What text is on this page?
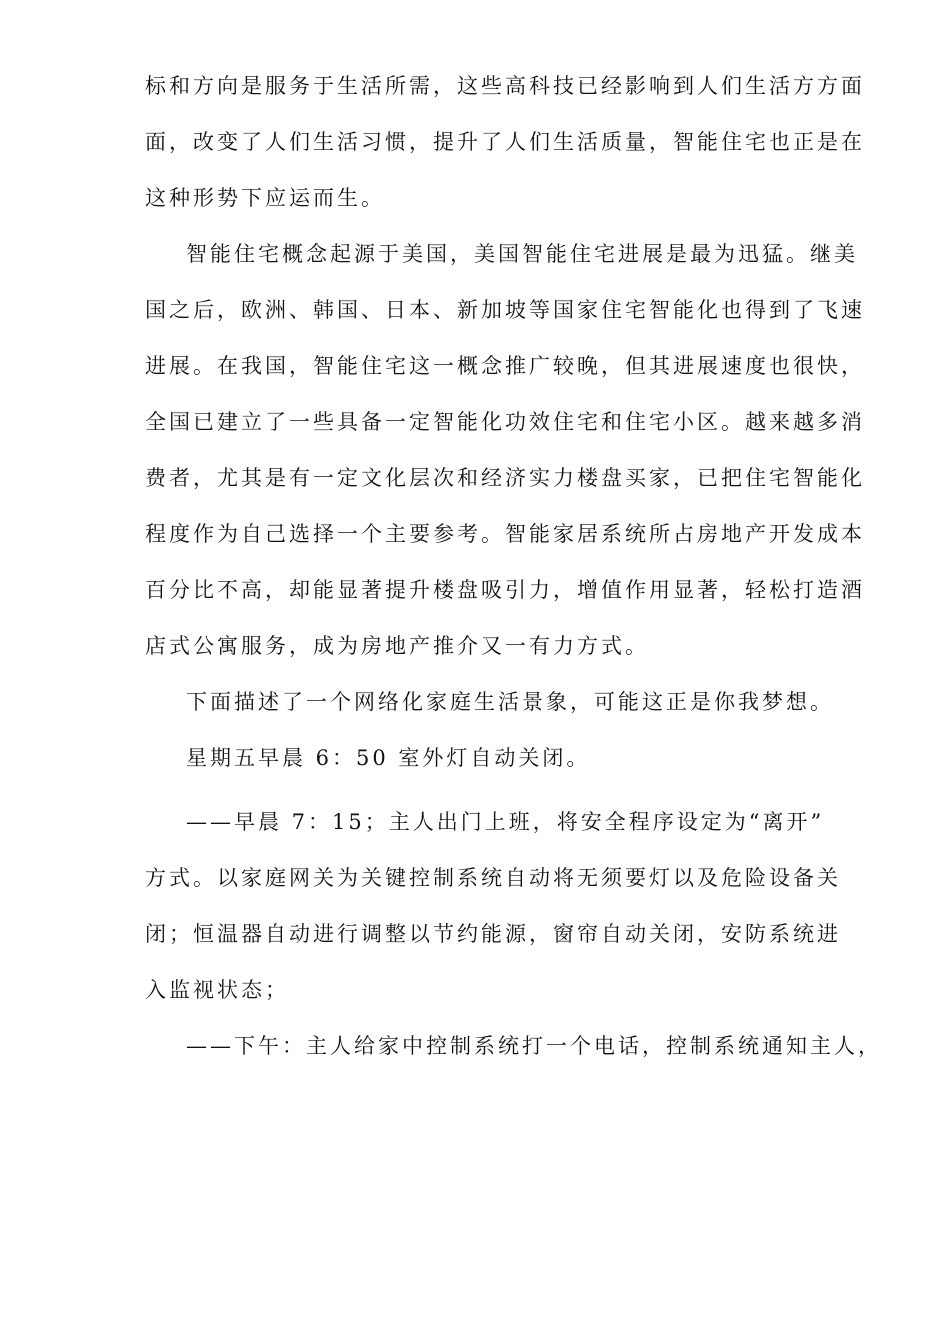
标和方向是服务于生活所需，这些高科技已经影响到人们生活方方面
面，改变了人们生活习惯，提升了人们生活质量，智能住宅也正是在
这种形势下应运而生。
智能住宅概念起源于美国，美国智能住宅进展是最为迅猛。继美
国之后，欧洲、韩国、日本、新加坡等国家住宅智能化也得到了飞速
进展。在我国，智能住宅这一概念推广较晚，但其进展速度也很快，
全国已建立了一些具备一定智能化功效住宅和住宅小区。越来越多消
费者，尤其是有一定文化层次和经济实力楼盘买家，已把住宅智能化
程度作为自己选择一个主要参考。智能家居系统所占房地产开发成本
百分比不高，却能显著提升楼盘吸引力，增值作用显著，轻松打造酒
店式公寓服务，成为房地产推介又一有力方式。
下面描述了一个网络化家庭生活景象，可能这正是你我梦想。
星期五早晨 6：50 室外灯自动关闭。
——早晨 7：15；主人出门上班，将安全程序设定为“离开”
方式。以家庭网关为关键控制系统自动将无须要灯以及危险设备关
闭；恒温器自动进行调整以节约能源，窗帘自动关闭，安防系统进
入监视状态；
——下午：主人给家中控制系统打一个电话，控制系统通知主人，
